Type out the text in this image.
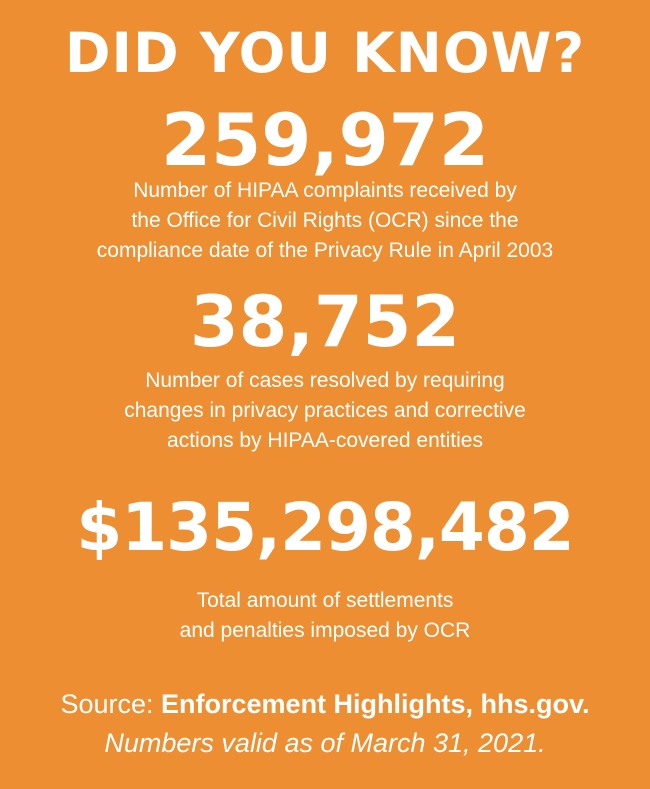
DID YOU KNOW?
259,972
Number of HIPAA complaints received by
the Office for Civil Rights (OCR) since the
compliance date of the Privacy Rule in April 2003
38,752
Number of cases resolved by requiring
changes in privacy practices and corrective
actions by HIPAA-covered entities
$135,298,482
Total amount of settlements
and penalties imposed by OCR
Source: Enforcement Highlights, hhs.gov.
Numbers valid as of March 31, 2021.
